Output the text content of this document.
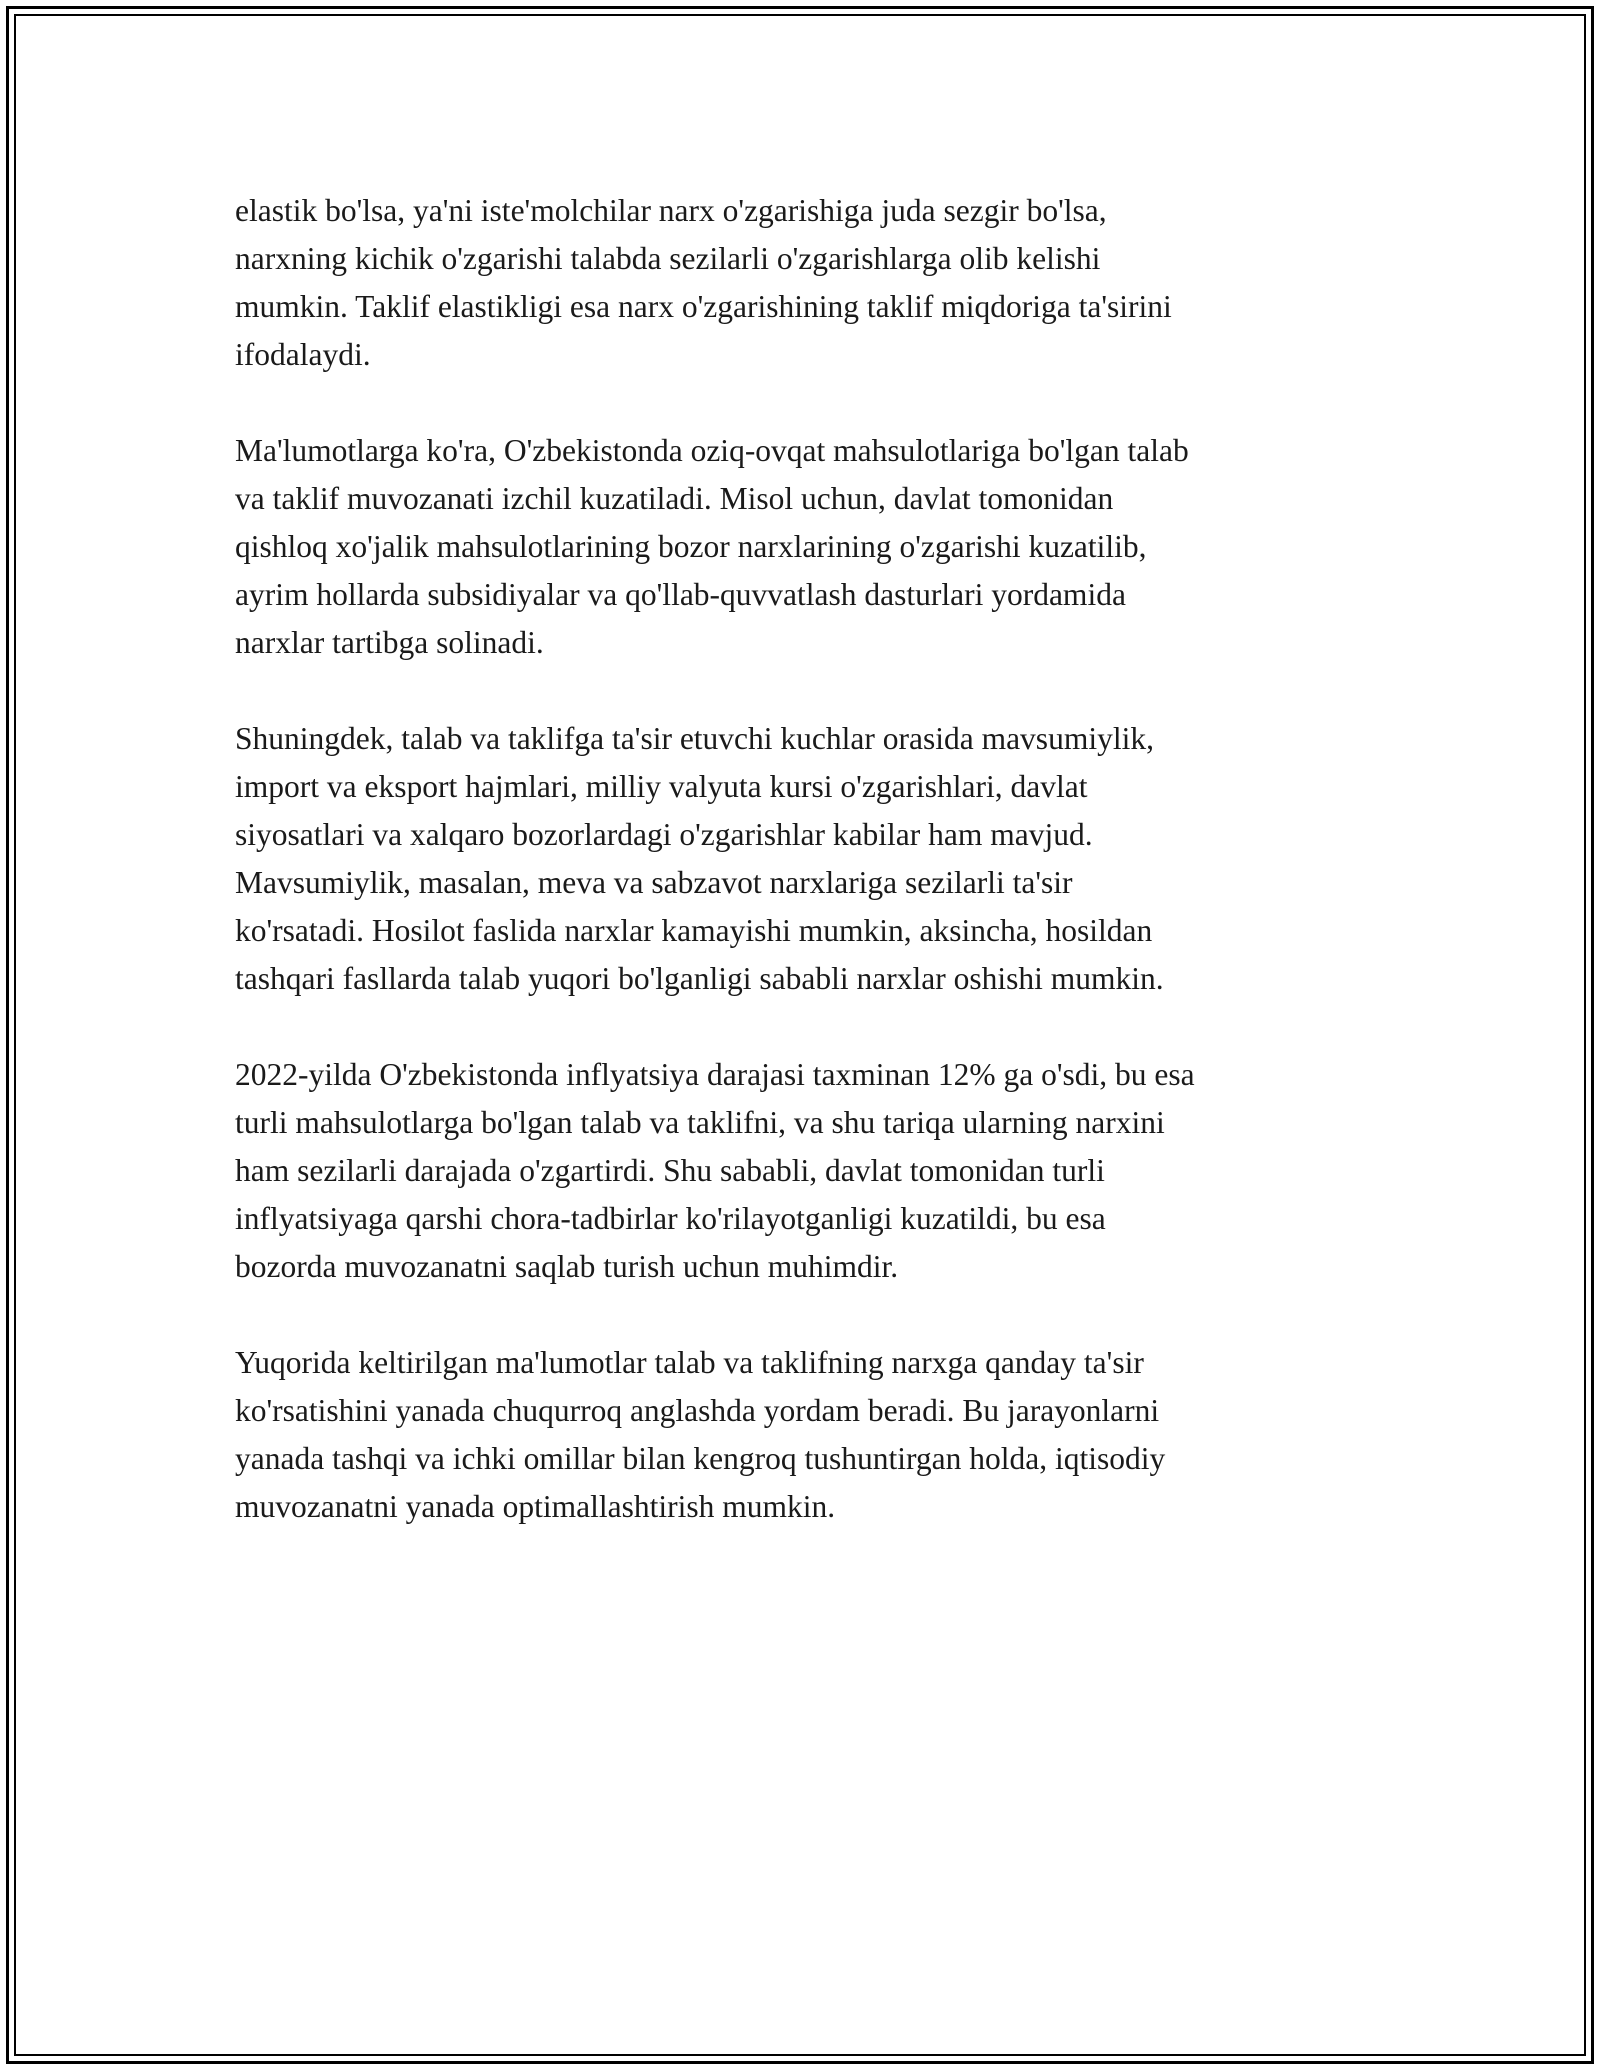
elastik bo'lsa, ya'ni iste'molchilar narx o'zgarishiga juda sezgir bo'lsa,
narxning kichik o'zgarishi talabda sezilarli o'zgarishlarga olib kelishi
mumkin. Taklif elastikligi esa narx o'zgarishining taklif miqdoriga ta'sirini
ifodalaydi.

Ma'lumotlarga ko'ra, O'zbekistonda oziq-ovqat mahsulotlariga bo'lgan talab
va taklif muvozanati izchil kuzatiladi. Misol uchun, davlat tomonidan
qishloq xo'jalik mahsulotlarining bozor narxlarining o'zgarishi kuzatilib,
ayrim hollarda subsidiyalar va qo'llab-quvvatlash dasturlari yordamida
narxlar tartibga solinadi.

Shuningdek, talab va taklifga ta'sir etuvchi kuchlar orasida mavsumiylik,
import va eksport hajmlari, milliy valyuta kursi o'zgarishlari, davlat
siyosatlari va xalqaro bozorlardagi o'zgarishlar kabilar ham mavjud.
Mavsumiylik, masalan, meva va sabzavot narxlariga sezilarli ta'sir
ko'rsatadi. Hosilot faslida narxlar kamayishi mumkin, aksincha, hosildan
tashqari fasllarda talab yuqori bo'lganligi sababli narxlar oshishi mumkin.

2022-yilda O'zbekistonda inflyatsiya darajasi taxminan 12% ga o'sdi, bu esa
turli mahsulotlarga bo'lgan talab va taklifni, va shu tariqa ularning narxini
ham sezilarli darajada o'zgartirdi. Shu sababli, davlat tomonidan turli
inflyatsiyaga qarshi chora-tadbirlar ko'rilayotganligi kuzatildi, bu esa
bozorda muvozanatni saqlab turish uchun muhimdir.

Yuqorida keltirilgan ma'lumotlar talab va taklifning narxga qanday ta'sir
ko'rsatishini yanada chuqurroq anglashda yordam beradi. Bu jarayonlarni
yanada tashqi va ichki omillar bilan kengroq tushuntirgan holda, iqtisodiy
muvozanatni yanada optimallashtirish mumkin.
